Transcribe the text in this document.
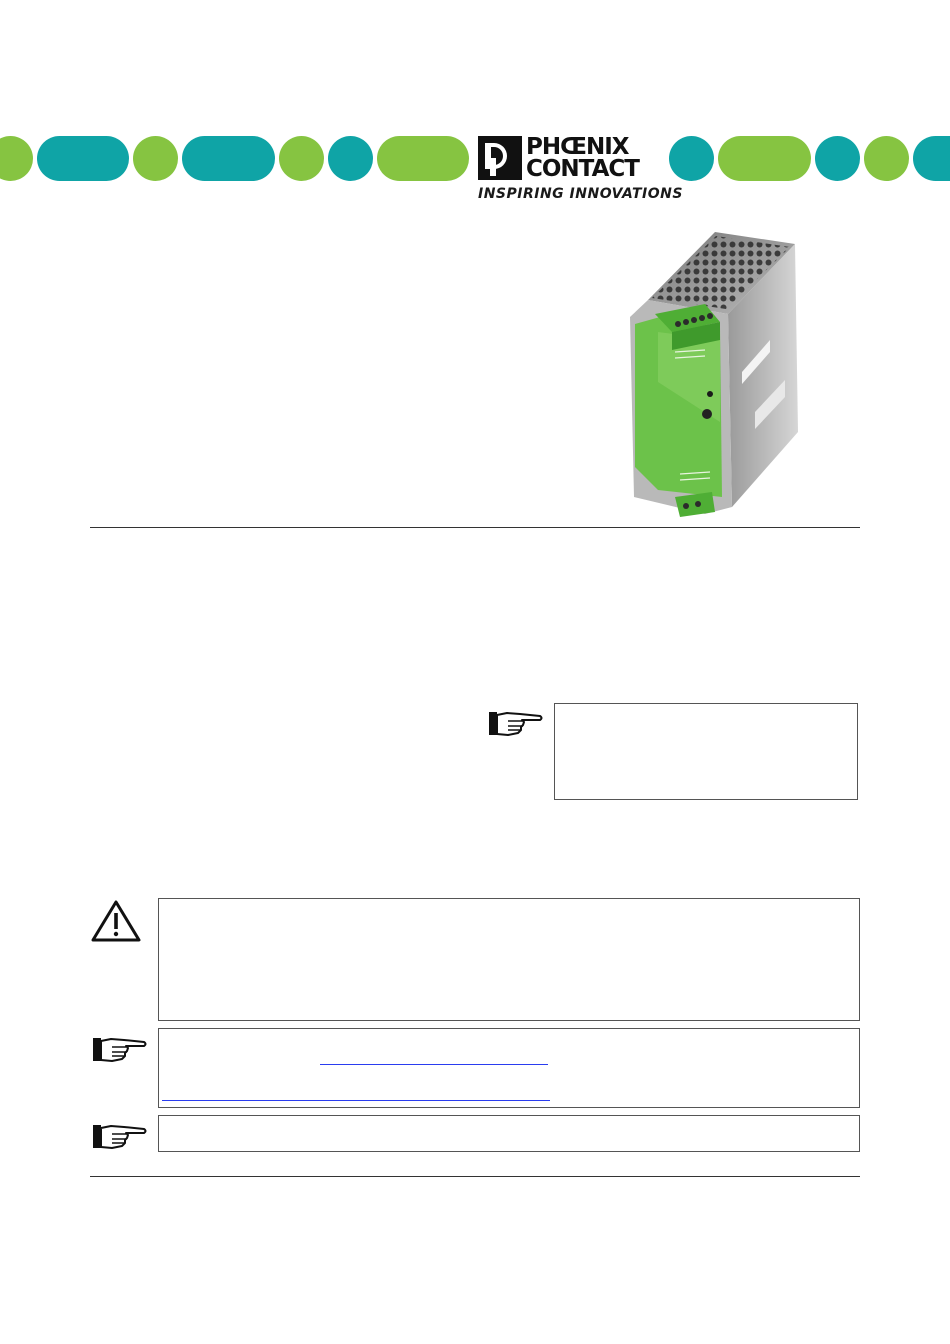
PHŒNIX
CONTACT
INSPIRING INNOVATIONS
